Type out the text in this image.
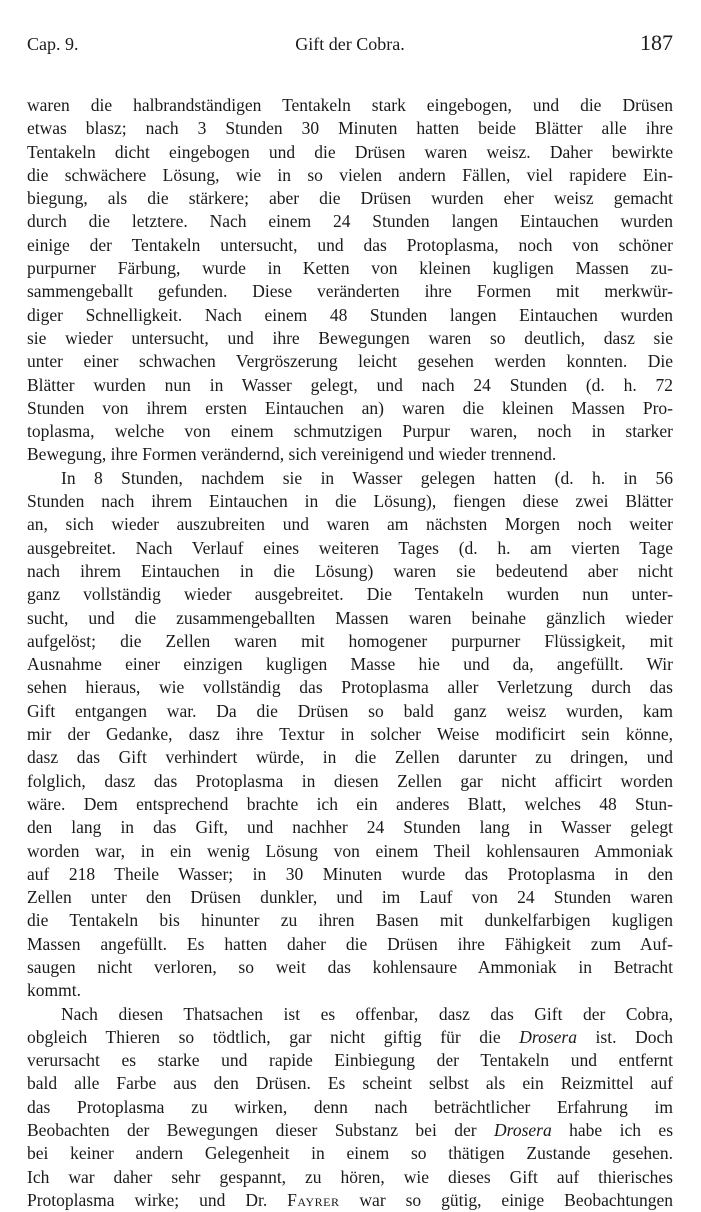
Cap. 9.	Gift der Cobra.	187
waren die halbrandständigen Tentakeln stark eingebogen, und die Drüsen
etwas blasz; nach 3 Stunden 30 Minuten hatten beide Blätter alle ihre
Tentakeln dicht eingebogen und die Drüsen waren weisz. Daher bewirkte
die schwächere Lösung, wie in so vielen andern Fällen, viel rapidere Ein-
biegung, als die stärkere; aber die Drüsen wurden eher weisz gemacht
durch die letztere. Nach einem 24 Stunden langen Eintauchen wurden
einige der Tentakeln untersucht, und das Protoplasma, noch von schöner
purpurner Färbung, wurde in Ketten von kleinen kugligen Massen zu-
sammengeballt gefunden. Diese veränderten ihre Formen mit merkwür-
diger Schnelligkeit. Nach einem 48 Stunden langen Eintauchen wurden
sie wieder untersucht, und ihre Bewegungen waren so deutlich, dasz sie
unter einer schwachen Vergröszerung leicht gesehen werden konnten. Die
Blätter wurden nun in Wasser gelegt, und nach 24 Stunden (d. h. 72
Stunden von ihrem ersten Eintauchen an) waren die kleinen Massen Pro-
toplasma, welche von einem schmutzigen Purpur waren, noch in starker
Bewegung, ihre Formen verändernd, sich vereinigend und wieder trennend.
In 8 Stunden, nachdem sie in Wasser gelegen hatten (d. h. in 56
Stunden nach ihrem Eintauchen in die Lösung), fiengen diese zwei Blätter
an, sich wieder auszubreiten und waren am nächsten Morgen noch weiter
ausgebreitet. Nach Verlauf eines weiteren Tages (d. h. am vierten Tage
nach ihrem Eintauchen in die Lösung) waren sie bedeutend aber nicht
ganz vollständig wieder ausgebreitet. Die Tentakeln wurden nun unter-
sucht, und die zusammengeballten Massen waren beinahe gänzlich wieder
aufgelöst; die Zellen waren mit homogener purpurner Flüssigkeit, mit
Ausnahme einer einzigen kugligen Masse hie und da, angefüllt. Wir
sehen hieraus, wie vollständig das Protoplasma aller Verletzung durch das
Gift entgangen war. Da die Drüsen so bald ganz weisz wurden, kam
mir der Gedanke, dasz ihre Textur in solcher Weise modificirt sein könne,
dasz das Gift verhindert würde, in die Zellen darunter zu dringen, und
folglich, dasz das Protoplasma in diesen Zellen gar nicht afficirt worden
wäre. Dem entsprechend brachte ich ein anderes Blatt, welches 48 Stun-
den lang in das Gift, und nachher 24 Stunden lang in Wasser gelegt
worden war, in ein wenig Lösung von einem Theil kohlensauren Ammoniak
auf 218 Theile Wasser; in 30 Minuten wurde das Protoplasma in den
Zellen unter den Drüsen dunkler, und im Lauf von 24 Stunden waren
die Tentakeln bis hinunter zu ihren Basen mit dunkelfarbigen kugligen
Massen angefüllt. Es hatten daher die Drüsen ihre Fähigkeit zum Auf-
saugen nicht verloren, so weit das kohlensaure Ammoniak in Betracht
kommt.
Nach diesen Thatsachen ist es offenbar, dasz das Gift der Cobra,
obgleich Thieren so tödtlich, gar nicht giftig für die Drosera ist. Doch
verursacht es starke und rapide Einbiegung der Tentakeln und entfernt
bald alle Farbe aus den Drüsen. Es scheint selbst als ein Reizmittel auf
das Protoplasma zu wirken, denn nach beträchtlicher Erfahrung im
Beobachten der Bewegungen dieser Substanz bei der Drosera habe ich es
bei keiner andern Gelegenheit in einem so thätigen Zustande gesehen.
Ich war daher sehr gespannt, zu hören, wie dieses Gift auf thierisches
Protoplasma wirke; und Dr. Fayrer war so gütig, einige Beobachtungen
